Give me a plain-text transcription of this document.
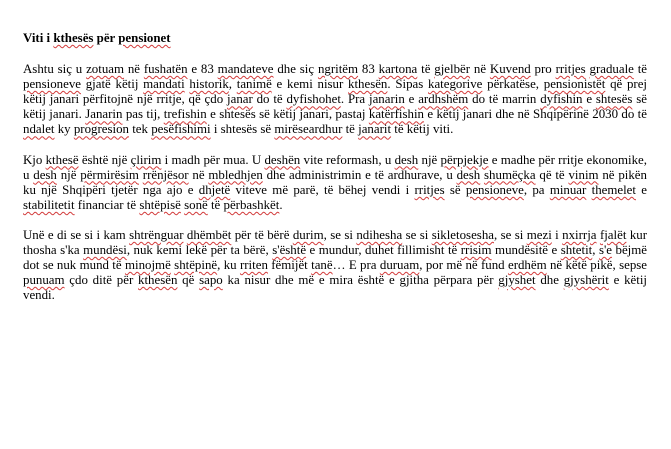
Viti i kthesës për pensionet

Ashtu siç u zotuam në fushatën e 83 mandateve dhe siç ngritëm 83 kartona të gjelbër në Kuvend pro rritjes graduale të pensioneve gjatë këtij mandati historik, tanimë e kemi nisur kthesën. Sipas kategorive përkatëse, pensionistët që prej këtij janari përfitojnë një rritje, që çdo janar do të dyfishohet. Pra janarin e ardhshëm do të marrin dyfishin e shtesës së këtij janari. Janarin pas tij, trefishin e shtesës së këtij janari, pastaj katërfishin e këtij janari dhe në Shqipërinë 2030 do të ndalet ky progresion tek pesëfishimi i shtesës së mirëseardhur të janarit të këtij viti.

Kjo kthesë është një çlirim i madh për mua. U deshën vite reformash, u desh një përpjekje e madhe për rritje ekonomike, u desh një përmirësim rrënjësor në mbledhjen dhe administrimin e të ardhurave, u desh shumëçka që të vinim në pikën ku një Shqipëri tjetër nga ajo e dhjetë viteve më parë, të bëhej vendi i rritjes së pensioneve, pa minuar themelet e stabilitetit financiar të shtëpisë sonë të përbashkët.

Unë e di se si i kam shtrënguar dhëmbët për të bërë durim, se si ndihesha se si sikletosesha, se si mezi i nxirrja fjalët kur thosha s'ka mundësi, nuk kemi lekë për ta bërë, s'është e mundur, duhet fillimisht të rrisim mundësitë e shtetit, s'e bëjmë dot se nuk mund të minojmë shtëpinë, ku rriten fëmijët tanë… E pra duruam, por më në fund erdhëm në këtë pikë, sepse punuam çdo ditë për kthesën që sapo ka nisur dhe më e mira është e gjitha përpara për gjyshet dhe gjyshërit e këtij vendi.
